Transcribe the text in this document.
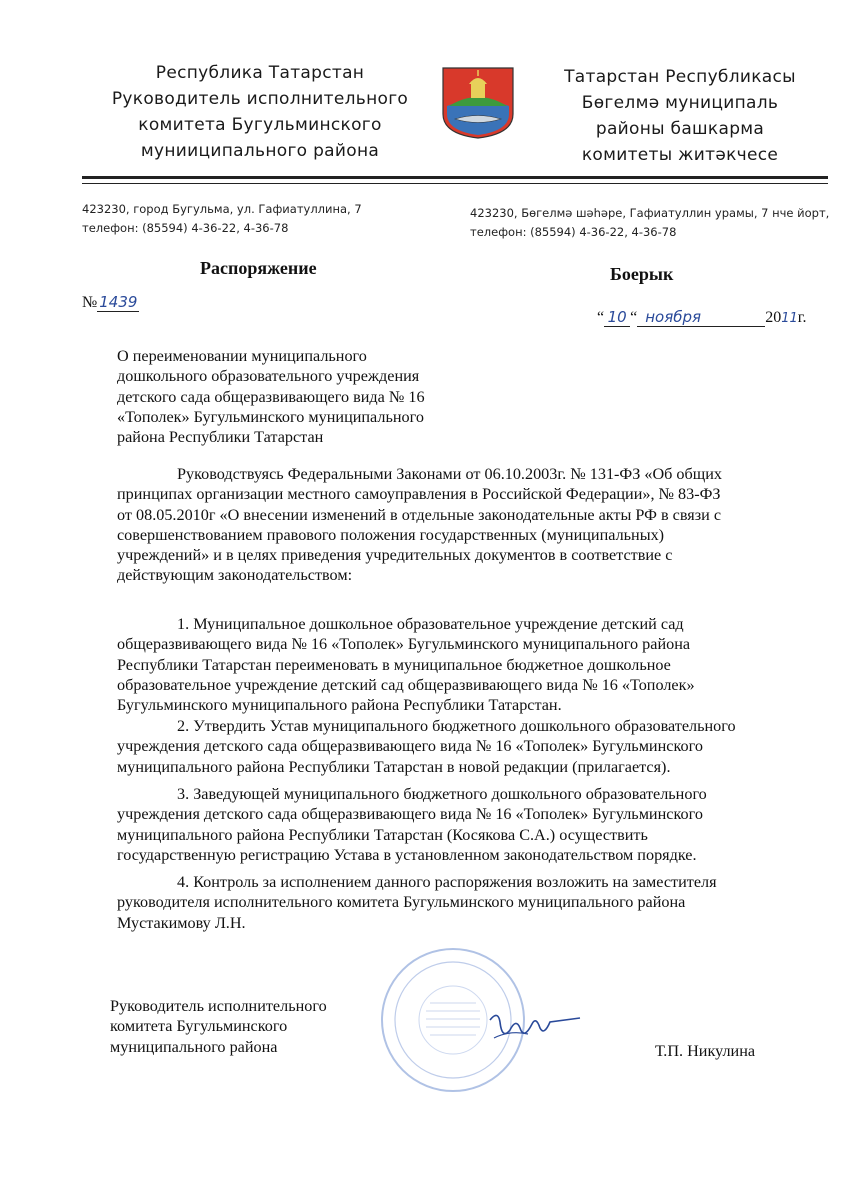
Республика Татарстан
Руководитель исполнительного
комитета Бугульминского
мунииципального района
Татарстан Республикасы
Бөгелмә муниципаль
районы башкарма
комитеты житәкчесе
423230, город Бугульма, ул. Гафиатуллина, 7
телефон: (85594) 4-36-22, 4-36-78
423230, Бөгелмә шәһәре, Гафиатуллин урамы, 7 нче йорт,
телефон: (85594) 4-36-22, 4-36-78
Распоряжение	Боерык
№ 1439
“ 10 “ ноября	2011г.
О переименовании муниципального
дошкольного образовательного учреждения
детского сада общеразвивающего вида № 16
«Тополек» Бугульминского муниципального
района Республики Татарстан
Руководствуясь Федеральными Законами от 06.10.2003г. № 131-ФЗ «Об общих
принципах организации местного самоуправления в Российской Федерации», № 83-ФЗ
от 08.05.2010г «О внесении изменений в отдельные законодательные акты РФ в связи с
совершенствованием правового положения государственных (муниципальных)
учреждений» и в целях приведения учредительных документов в соответствие с
действующим законодательством:
1. Муниципальное дошкольное образовательное учреждение детский сад
общеразвивающего вида № 16 «Тополек» Бугульминского муниципального района
Республики Татарстан переименовать в муниципальное бюджетное дошкольное
образовательное учреждение детский сад общеразвивающего вида № 16 «Тополек»
Бугульминского муниципального района Республики Татарстан.
2. Утвердить Устав муниципального бюджетного дошкольного образовательного
учреждения детского сада общеразвивающего вида № 16 «Тополек» Бугульминского
муниципального района Республики Татарстан в новой редакции (прилагается).
3. Заведующей муниципального бюджетного дошкольного образовательного
учреждения детского сада общеразвивающего вида № 16 «Тополек» Бугульминского
муниципального района Республики Татарстан (Косякова С.А.) осуществить
государственную регистрацию Устава в установленном законодательством порядке.
4. Контроль за исполнением данного распоряжения возложить на заместителя
руководителя исполнительного комитета Бугульминского муниципального района
Мустакимову Л.Н.
Руководитель исполнительного
комитета Бугульминского
муниципального района	Т.П. Никулина
